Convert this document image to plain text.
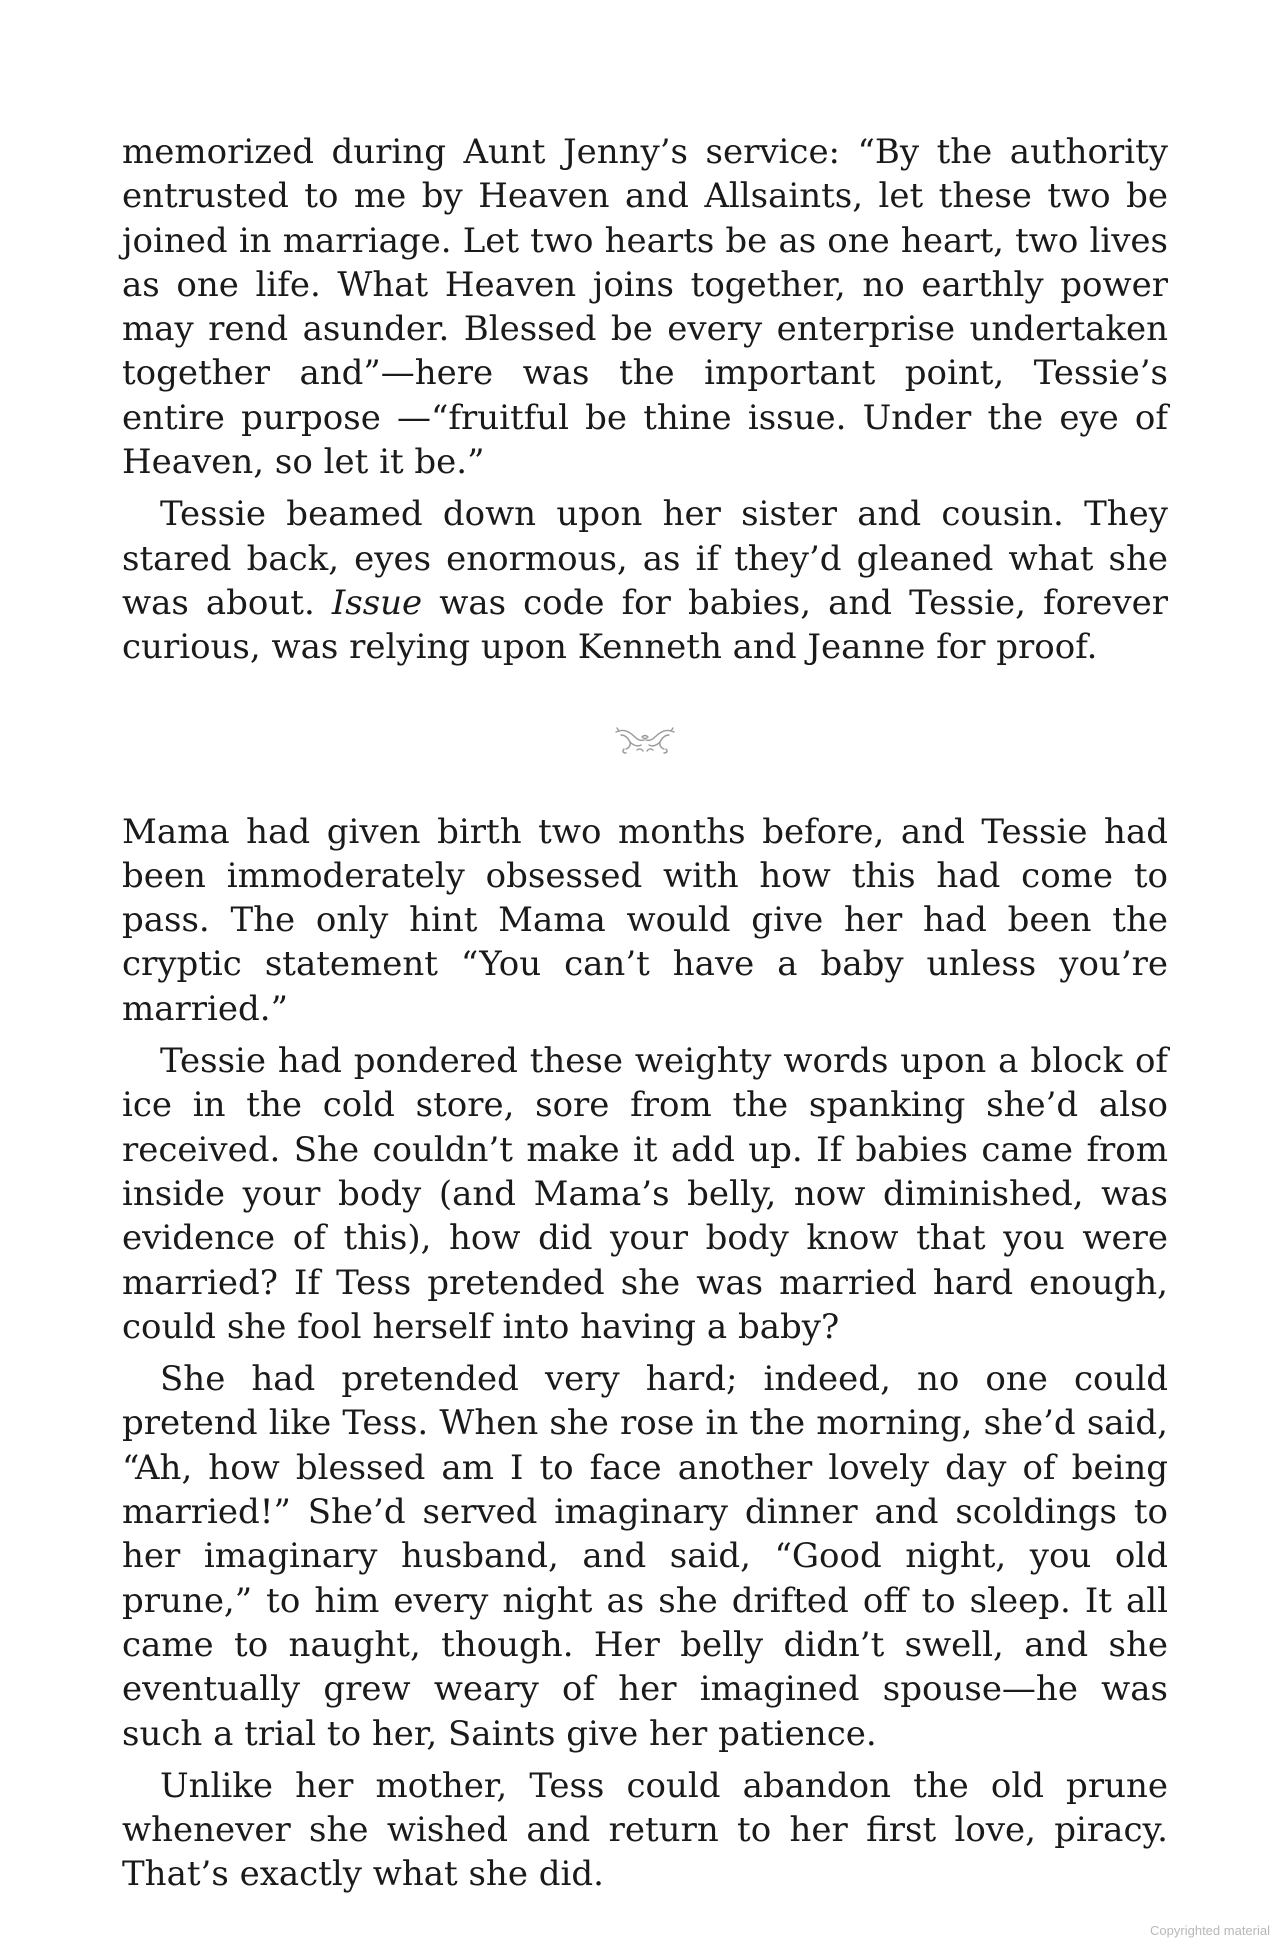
memorized during Aunt Jenny’s service: “By the authority entrusted to me by Heaven and Allsaints, let these two be joined in marriage. Let two hearts be as one heart, two lives as one life. What Heaven joins together, no earthly power may rend asunder. Blessed be every enterprise undertaken together and”—here was the important point, Tessie’s entire purpose —“fruitful be thine issue. Under the eye of Heaven, so let it be.”

Tessie beamed down upon her sister and cousin. They stared back, eyes enormous, as if they’d gleaned what she was about. Issue was code for babies, and Tessie, forever curious, was relying upon Kenneth and Jeanne for proof.

Mama had given birth two months before, and Tessie had been immoderately obsessed with how this had come to pass. The only hint Mama would give her had been the cryptic statement “You can’t have a baby unless you’re married.”

Tessie had pondered these weighty words upon a block of ice in the cold store, sore from the spanking she’d also received. She couldn’t make it add up. If babies came from inside your body (and Mama’s belly, now diminished, was evidence of this), how did your body know that you were married? If Tess pretended she was married hard enough, could she fool herself into having a baby?

She had pretended very hard; indeed, no one could pretend like Tess. When she rose in the morning, she’d said, “Ah, how blessed am I to face another lovely day of being married!” She’d served imaginary dinner and scoldings to her imaginary husband, and said, “Good night, you old prune,” to him every night as she drifted off to sleep. It all came to naught, though. Her belly didn’t swell, and she eventually grew weary of her imagined spouse—he was such a trial to her, Saints give her patience.

Unlike her mother, Tess could abandon the old prune whenever she wished and return to her first love, piracy. That’s exactly what she did.

Copyrighted material
